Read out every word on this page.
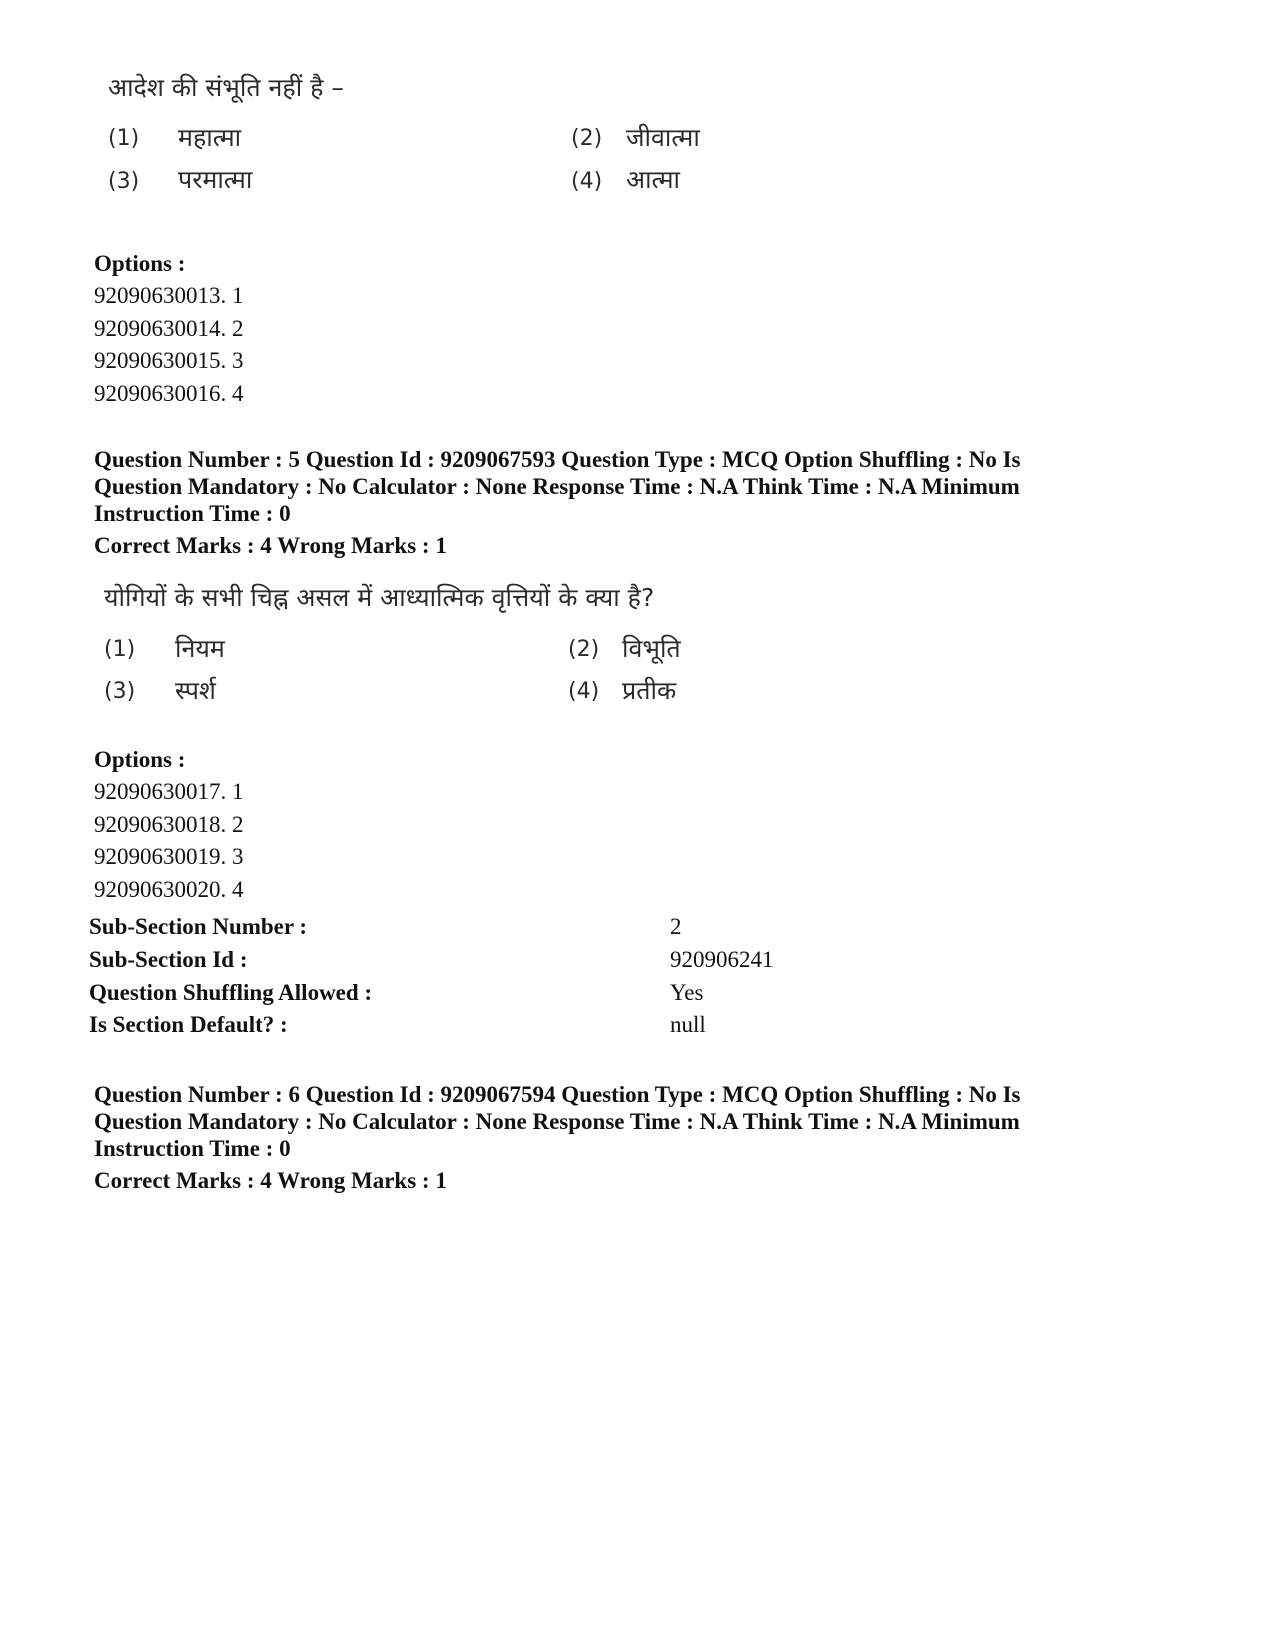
आदेश की संभूति नहीं है –
(1) महात्मा	(2) जीवात्मा
(3) परमात्मा	(4) आत्मा
Options :
92090630013. 1
92090630014. 2
92090630015. 3
92090630016. 4
Question Number : 5 Question Id : 9209067593 Question Type : MCQ Option Shuffling : No Is
Question Mandatory : No Calculator : None Response Time : N.A Think Time : N.A Minimum
Instruction Time : 0
Correct Marks : 4 Wrong Marks : 1
योगियों के सभी चिह्न असल में आध्यात्मिक वृत्तियों के क्या है?
(1) नियम	(2) विभूति
(3) स्पर्श	(4) प्रतीक
Options :
92090630017. 1
92090630018. 2
92090630019. 3
92090630020. 4
Sub-Section Number :	2
Sub-Section Id :	920906241
Question Shuffling Allowed :	Yes
Is Section Default? :	null
Question Number : 6 Question Id : 9209067594 Question Type : MCQ Option Shuffling : No Is
Question Mandatory : No Calculator : None Response Time : N.A Think Time : N.A Minimum
Instruction Time : 0
Correct Marks : 4 Wrong Marks : 1
